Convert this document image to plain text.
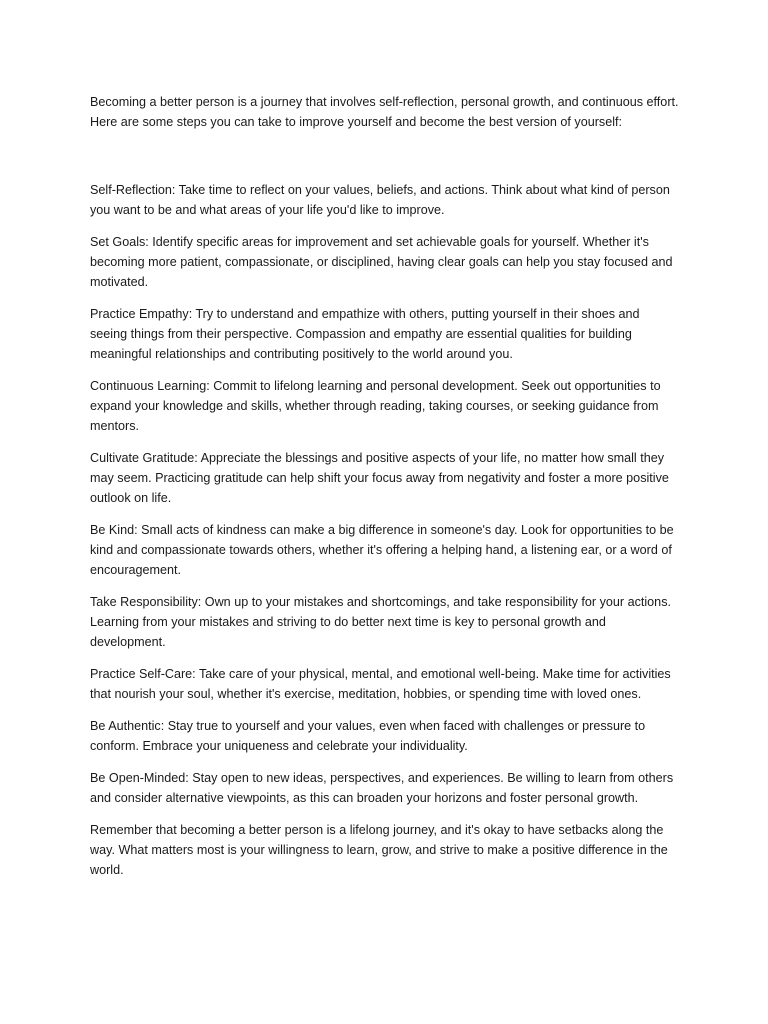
Becoming a better person is a journey that involves self-reflection, personal growth, and continuous effort. Here are some steps you can take to improve yourself and become the best version of yourself:

Self-Reflection: Take time to reflect on your values, beliefs, and actions. Think about what kind of person you want to be and what areas of your life you'd like to improve.

Set Goals: Identify specific areas for improvement and set achievable goals for yourself. Whether it's becoming more patient, compassionate, or disciplined, having clear goals can help you stay focused and motivated.

Practice Empathy: Try to understand and empathize with others, putting yourself in their shoes and seeing things from their perspective. Compassion and empathy are essential qualities for building meaningful relationships and contributing positively to the world around you.

Continuous Learning: Commit to lifelong learning and personal development. Seek out opportunities to expand your knowledge and skills, whether through reading, taking courses, or seeking guidance from mentors.

Cultivate Gratitude: Appreciate the blessings and positive aspects of your life, no matter how small they may seem. Practicing gratitude can help shift your focus away from negativity and foster a more positive outlook on life.

Be Kind: Small acts of kindness can make a big difference in someone's day. Look for opportunities to be kind and compassionate towards others, whether it's offering a helping hand, a listening ear, or a word of encouragement.

Take Responsibility: Own up to your mistakes and shortcomings, and take responsibility for your actions. Learning from your mistakes and striving to do better next time is key to personal growth and development.

Practice Self-Care: Take care of your physical, mental, and emotional well-being. Make time for activities that nourish your soul, whether it's exercise, meditation, hobbies, or spending time with loved ones.

Be Authentic: Stay true to yourself and your values, even when faced with challenges or pressure to conform. Embrace your uniqueness and celebrate your individuality.

Be Open-Minded: Stay open to new ideas, perspectives, and experiences. Be willing to learn from others and consider alternative viewpoints, as this can broaden your horizons and foster personal growth.

Remember that becoming a better person is a lifelong journey, and it's okay to have setbacks along the way. What matters most is your willingness to learn, grow, and strive to make a positive difference in the world.
